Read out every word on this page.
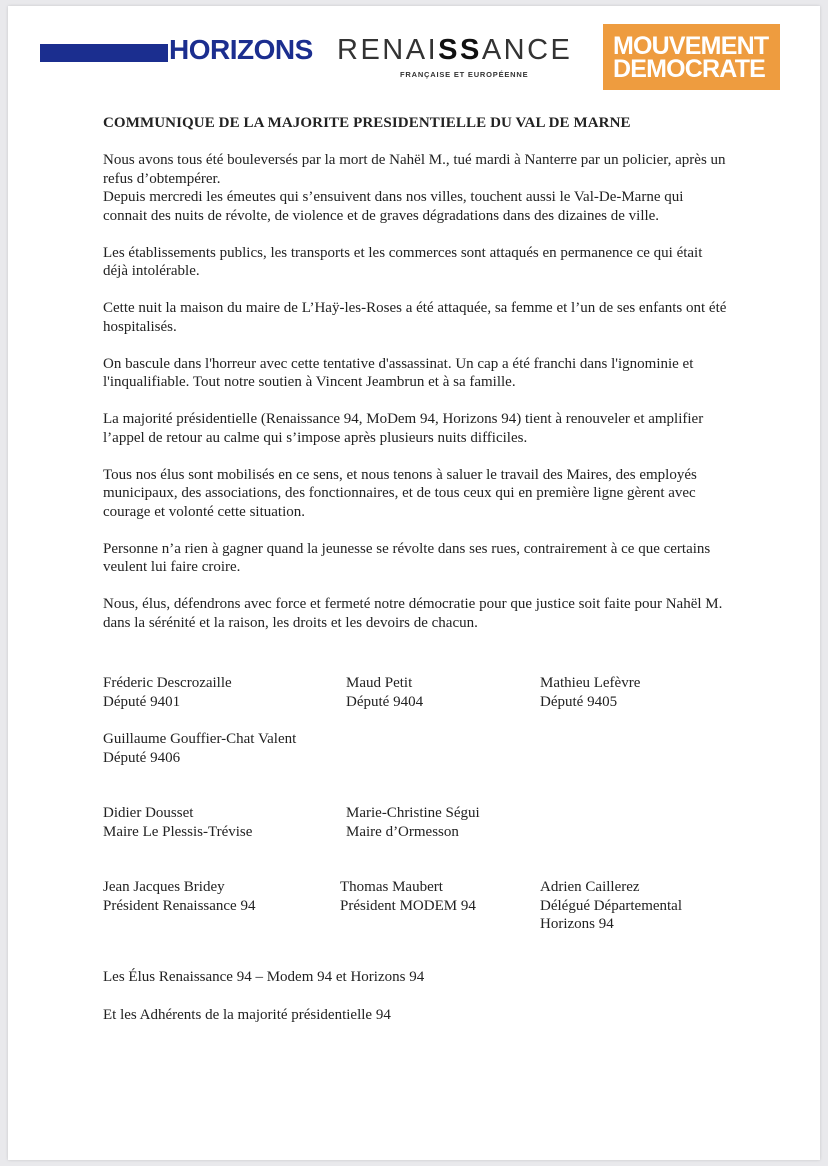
HORIZONS RENAISSANCE
FRANÇAISE ET EUROPÉENNE
MOUVEMENT
DEMOCRATE
COMMUNIQUE DE LA MAJORITE PRESIDENTIELLE DU VAL DE MARNE

Nous avons tous été bouleversés par la mort de Nahël M., tué mardi à Nanterre par un policier, après un refus d’obtempérer.

Depuis mercredi les émeutes qui s’ensuivent dans nos villes, touchent aussi le Val-De-Marne qui connait des nuits de révolte, de violence et de graves dégradations dans des dizaines de ville.

Les établissements publics, les transports et les commerces sont attaqués en permanence ce qui était déjà intolérable.

Cette nuit la maison du maire de L’Haÿ-les-Roses a été attaquée, sa femme et l’un de ses enfants ont été hospitalisés.

On bascule dans l'horreur avec cette tentative d'assassinat. Un cap a été franchi dans l'ignominie et l'inqualifiable. Tout notre soutien à Vincent Jeambrun et à sa famille.

La majorité présidentielle (Renaissance 94, MoDem 94, Horizons 94) tient à renouveler et amplifier l’appel de retour au calme qui s’impose après plusieurs nuits difficiles.

Tous nos élus sont mobilisés en ce sens, et nous tenons à saluer le travail des Maires, des employés municipaux, des associations, des fonctionnaires, et de tous ceux qui en première ligne gèrent avec courage et volonté cette situation.

Personne n’a rien à gagner quand la jeunesse se révolte dans ses rues, contrairement à ce que certains veulent lui faire croire.

Nous, élus, défendrons avec force et fermeté notre démocratie pour que justice soit faite pour Nahël M. dans la sérénité et la raison, les droits et les devoirs de chacun.

Fréderic Descrozaille
Député 9401
Maud Petit
Député 9404
Mathieu Lefèvre
Député 9405
Guillaume Gouffier-Chat Valent
Député 9406
Didier Dousset
Maire Le Plessis-Trévise
Marie-Christine Ségui
Maire d’Ormesson
Jean Jacques Bridey
Président Renaissance 94
Thomas Maubert
Président MODEM 94
Adrien Caillerez
Délégué Départemental
Horizons 94
Les Élus Renaissance 94 – Modem 94 et Horizons 94
Et les Adhérents de la majorité présidentielle 94
